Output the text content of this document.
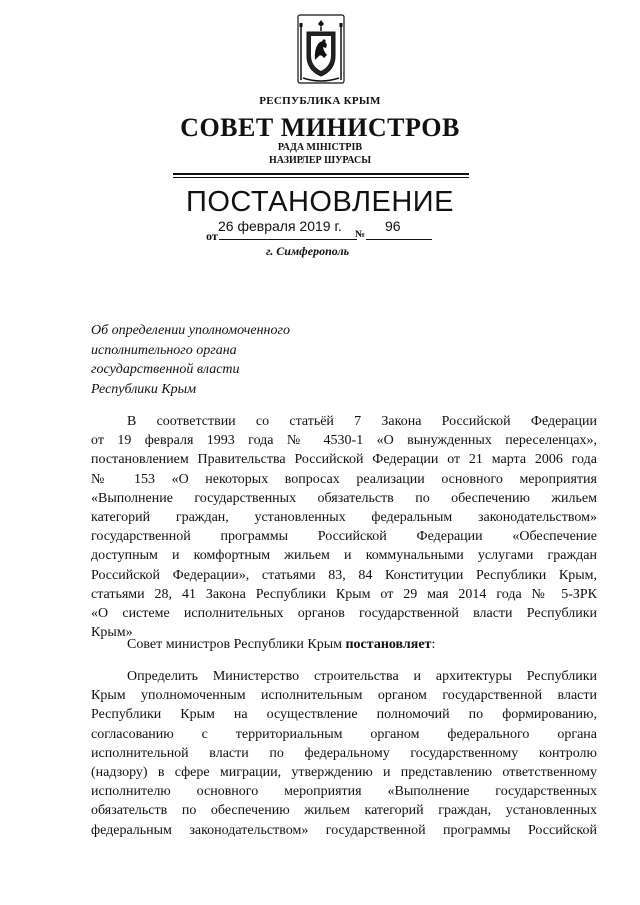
РЕСПУБЛИКА КРЫМ
СОВЕТ МИНИСТРОВ
РАДА МІНІСТРІВ
НАЗИРЛЕР ШУРАСЫ
ПОСТАНОВЛЕНИЕ
от
26 февраля 2019 г.
№
96
г. Симферополь
Об определении уполномоченного
исполнительного органа
государственной власти
Республики Крым
В соответствии со статьёй 7 Закона Российской Федерации
от 19 февраля 1993 года № 4530-1 «О вынужденных переселенцах»,
постановлением Правительства Российской Федерации от 21 марта 2006 года
№ 153 «О некоторых вопросах реализации основного мероприятия
«Выполнение государственных обязательств по обеспечению жильем
категорий граждан, установленных федеральным законодательством»
государственной программы Российской Федерации «Обеспечение
доступным и комфортным жильем и коммунальными услугами граждан
Российской Федерации», статьями 83, 84 Конституции Республики Крым,
статьями 28, 41 Закона Республики Крым от 29 мая 2014 года № 5-ЗРК
«О системе исполнительных органов государственной власти Республики
Крым»
Совет министров Республики Крым постановляет:
Определить Министерство строительства и архитектуры Республики
Крым уполномоченным исполнительным органом государственной власти
Республики Крым на осуществление полномочий по формированию,
согласованию с территориальным органом федерального органа
исполнительной власти по федеральному государственному контролю
(надзору) в сфере миграции, утверждению и представлению ответственному
исполнителю основного мероприятия «Выполнение государственных
обязательств по обеспечению жильем категорий граждан, установленных
федеральным законодательством» государственной программы Российской
